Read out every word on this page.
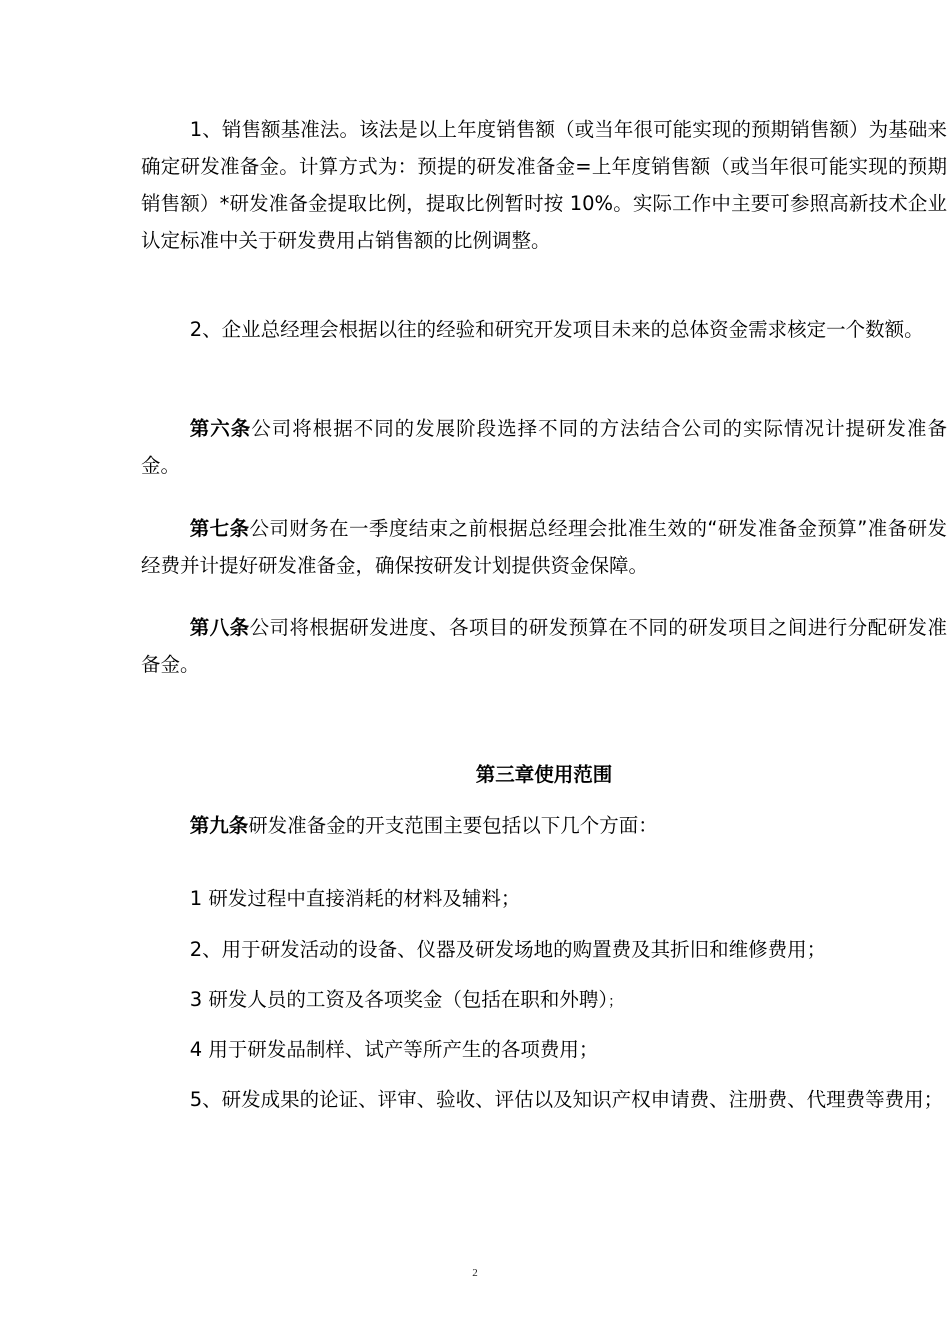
1、销售额基准法。该法是以上年度销售额（或当年很可能实现的预期销售额）为基础来确定研发准备金。计算方式为：预提的研发准备金=上年度销售额（或当年很可能实现的预期销售额）*研发准备金提取比例，提取比例暂时按 10%。实际工作中主要可参照高新技术企业认定标准中关于研发费用占销售额的比例调整。

2、企业总经理会根据以往的经验和研究开发项目未来的总体资金需求核定一个数额。

第六条公司将根据不同的发展阶段选择不同的方法结合公司的实际情况计提研发准备金。

第七条公司财务在一季度结束之前根据总经理会批准生效的“研发准备金预算”准备研发经费并计提好研发准备金，确保按研发计划提供资金保障。

第八条公司将根据研发进度、各项目的研发预算在不同的研发项目之间进行分配研发准备金。

第三章使用范围

第九条研发准备金的开支范围主要包括以下几个方面：

1 研发过程中直接消耗的材料及辅料；

2、用于研发活动的设备、仪器及研发场地的购置费及其折旧和维修费用；

3 研发人员的工资及各项奖金（包括在职和外聘）；

4 用于研发品制样、试产等所产生的各项费用；

5、研发成果的论证、评审、验收、评估以及知识产权申请费、注册费、代理费等费用；

2
